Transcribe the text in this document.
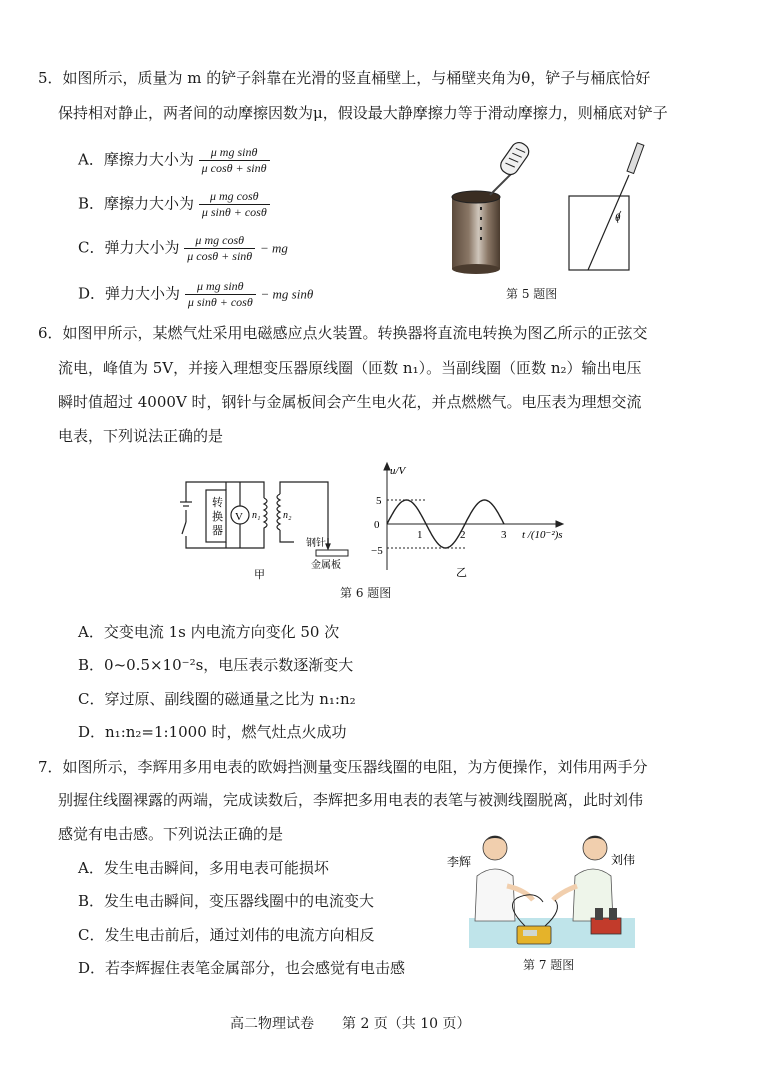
5．如图所示，质量为 m 的铲子斜靠在光滑的竖直桶壁上，与桶壁夹角为θ，铲子与桶底恰好
保持相对静止，两者间的动摩擦因数为μ，假设最大静摩擦力等于滑动摩擦力，则桶底对铲子
A．摩擦力大小为 $\frac{\text{μ mg sinθ}}{\text{μ cosθ + sinθ}}$
B．摩擦力大小为 $\frac{\text{μ mg cosθ}}{\text{μ sinθ + cosθ}}$
C．弹力大小为 $\frac{\text{μ mg cosθ}}{\text{μ cosθ + sinθ}}$ − mg
D．弹力大小为 $\frac{\text{μ mg sinθ}}{\text{μ sinθ + cosθ}}$ − mg sinθ
θ
第 5 题图
6．如图甲所示，某燃气灶采用电磁感应点火装置。转换器将直流电转换为图乙所示的正弦交
流电，峰值为 5V，并接入理想变压器原线圈（匝数 n₁）。当副线圈（匝数 n₂）输出电压
瞬时值超过 4000V 时，钢针与金属板间会产生电火花，并点燃燃气。电压表为理想交流
电表，下列说法正确的是
转
换
器
V n₁ n₂
钢针
金属板
甲
u/V
5
0
−5
1	2	3 t /(10⁻²)s
乙
第 6 题图
A．交变电流 1s 内电流方向变化 50 次
B．0~0.5×10⁻²s，电压表示数逐渐变大
C．穿过原、副线圈的磁通量之比为 n₁:n₂
D．n₁:n₂=1:1000 时，燃气灶点火成功
7．如图所示，李辉用多用电表的欧姆挡测量变压器线圈的电阻，为方便操作，刘伟用两手分
别握住线圈裸露的两端，完成读数后，李辉把多用电表的表笔与被测线圈脱离，此时刘伟
感觉有电击感。下列说法正确的是
A．发生电击瞬间，多用电表可能损坏
B．发生电击瞬间，变压器线圈中的电流变大
C．发生电击前后，通过刘伟的电流方向相反
D．若李辉握住表笔金属部分，也会感觉有电击感
李辉	刘伟
第 7 题图
高二物理试卷 第 2 页（共 10 页）
